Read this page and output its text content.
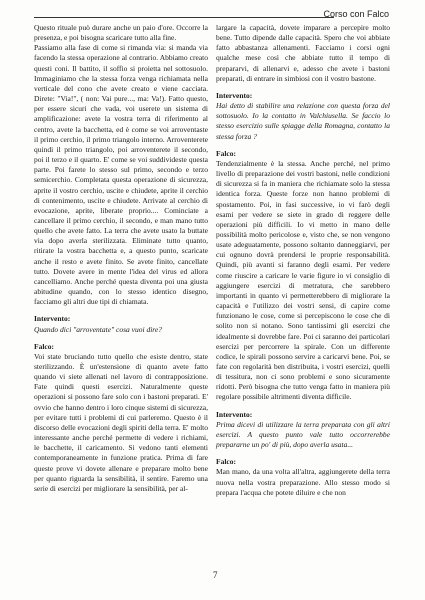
Corso con Falco

Questo rituale può durare anche un paio d'ore. Occorre la presenza, e poi bisogna scaricare tutto alla fine.

Passiamo alla fase di come si rimanda via: si manda via facendo la stessa operazione al contrario. Abbiamo creato questi coni. Il battito, il soffio si proietta nel sottosuolo. Immaginiamo che la stessa forza venga richiamata nella verticale del cono che avete creato e viene cacciata. Direte: "Via!", ( non: Vai pure..., ma: Va!). Fatto questo, per essere sicuri che vada, voi userete un sistema di amplificazione: avete la vostra terra di riferimento al centro, avete la bacchetta, ed è come se voi arroventaste il primo cerchio, il primo triangolo interno. Arroventerete quindi il primo triangolo, poi arroventerete il secondo, poi il terzo e il quarto. E' come se voi suddivideste questa parte. Poi farete lo stesso sul primo, secondo e terzo semicerchio. Completata questa operazione di sicurezza, aprite il vostro cerchio, uscite e chiudete, aprite il cerchio di contenimento, uscite e chiudete. Arrivate al cerchio di evocazione, aprite, liberate proprio.... Cominciate a cancellare il primo cerchio, il secondo, e man mano tutto quello che avete fatto. La terra che avete usato la buttate via dopo averla sterilizzata. Eliminate tutto quanto, ritirate la vostra bacchetta e, a questo punto, scaricate anche il resto e avete finito. Se avete finito, cancellate tutto. Dovete avere in mente l'idea del virus ed allora cancelliamo. Anche perché questa diventa poi una giusta abitudine quando, con lo stesso identico disegno, facciamo gli altri due tipi di chiamata.

Intervento:

Quando dici "arroventate" cosa vuoi dire?

Falco:

Voi state bruciando tutto quello che esiste dentro, state sterilizzando. È un'estensione di quanto avete fatto quando vi siete allenati nel lavoro di contrapposizione. Fate quindi questi esercizi. Naturalmente queste operazioni si possono fare solo con i bastoni preparati. E' ovvio che hanno dentro i loro cinque sistemi di sicurezza, per evitare tutti i problemi di cui parleremo. Questo è il discorso delle evocazioni degli spiriti della terra. E' molto interessante anche perché permette di vedere i richiami, le bacchette, il caricamento. Si vedono tanti elementi contemporaneamente in funzione pratica. Prima di fare queste prove vi dovete allenare e preparare molto bene per quanto riguarda la sensibilità, il sentire. Faremo una serie di esercizi per migliorare la sensibilità, per al-

largare la capacità, dovete imparare a percepire molto bene. Tutto dipende dalle capacità. Spero che voi abbiate fatto abbastanza allenamenti. Facciamo i corsi ogni qualche mese così che abbiate tutto il tempo di prepararvi, di allenarvi e, adesso che avete i bastoni preparati, di entrare in simbiosi con il vostro bastone.

Intervento:

Hai detto di stabilire una relazione con questa forza del sottosuolo. Io la contatto in Valchiusella. Se faccio lo stesso esercizio sulle spiagge della Romagna, contatto la stessa forza ?

Falco:

Tendenzialmente è la stessa. Anche perché, nel primo livello di preparazione dei vostri bastoni, nelle condizioni di sicurezza si fa in maniera che richiamate solo la stessa identica forza. Queste forze non hanno problemi di spostamento. Poi, in fasi successive, io vi farò degli esami per vedere se siete in grado di reggere delle operazioni più difficili. Io vi metto in mano delle possibilità molto pericolose e, visto che, se non vengono usate adeguatamente, possono soltanto danneggiarvi, per cui ognuno dovrà prendersi le proprie responsabilità. Quindi, più avanti si faranno degli esami. Per vedere come riuscire a caricare le varie figure io vi consiglio di aggiungere esercizi di metratura, che sarebbero importanti in quanto vi permetterebbero di migliorare la capacità e l'utilizzo dei vostri sensi, di capire come funzionano le cose, come si percepiscono le cose che di solito non si notano. Sono tantissimi gli esercizi che idealmente si dovrebbe fare. Poi ci saranno dei particolari esercizi per percorrere la spirale. Con un differente codice, le spirali possono servire a caricarvi bene. Poi, se fate con regolarità ben distribuita, i vostri esercizi, quelli di tessitura, non ci sono problemi e sono sicuramente ridotti. Però bisogna che tutto venga fatto in maniera più regolare possibile altrimenti diventa difficile.

Intervento:

Prima dicevi di utilizzare la terra preparata con gli altri esercizi. A questo punto vale tutto occorrerebbe prepararne un po' di più, dopo averla usata...

Falco:

Man mano, da una volta all'altra, aggiungerete della terra nuova nella vostra preparazione. Allo stesso modo si prepara l'acqua che potete diluire e che non

7
